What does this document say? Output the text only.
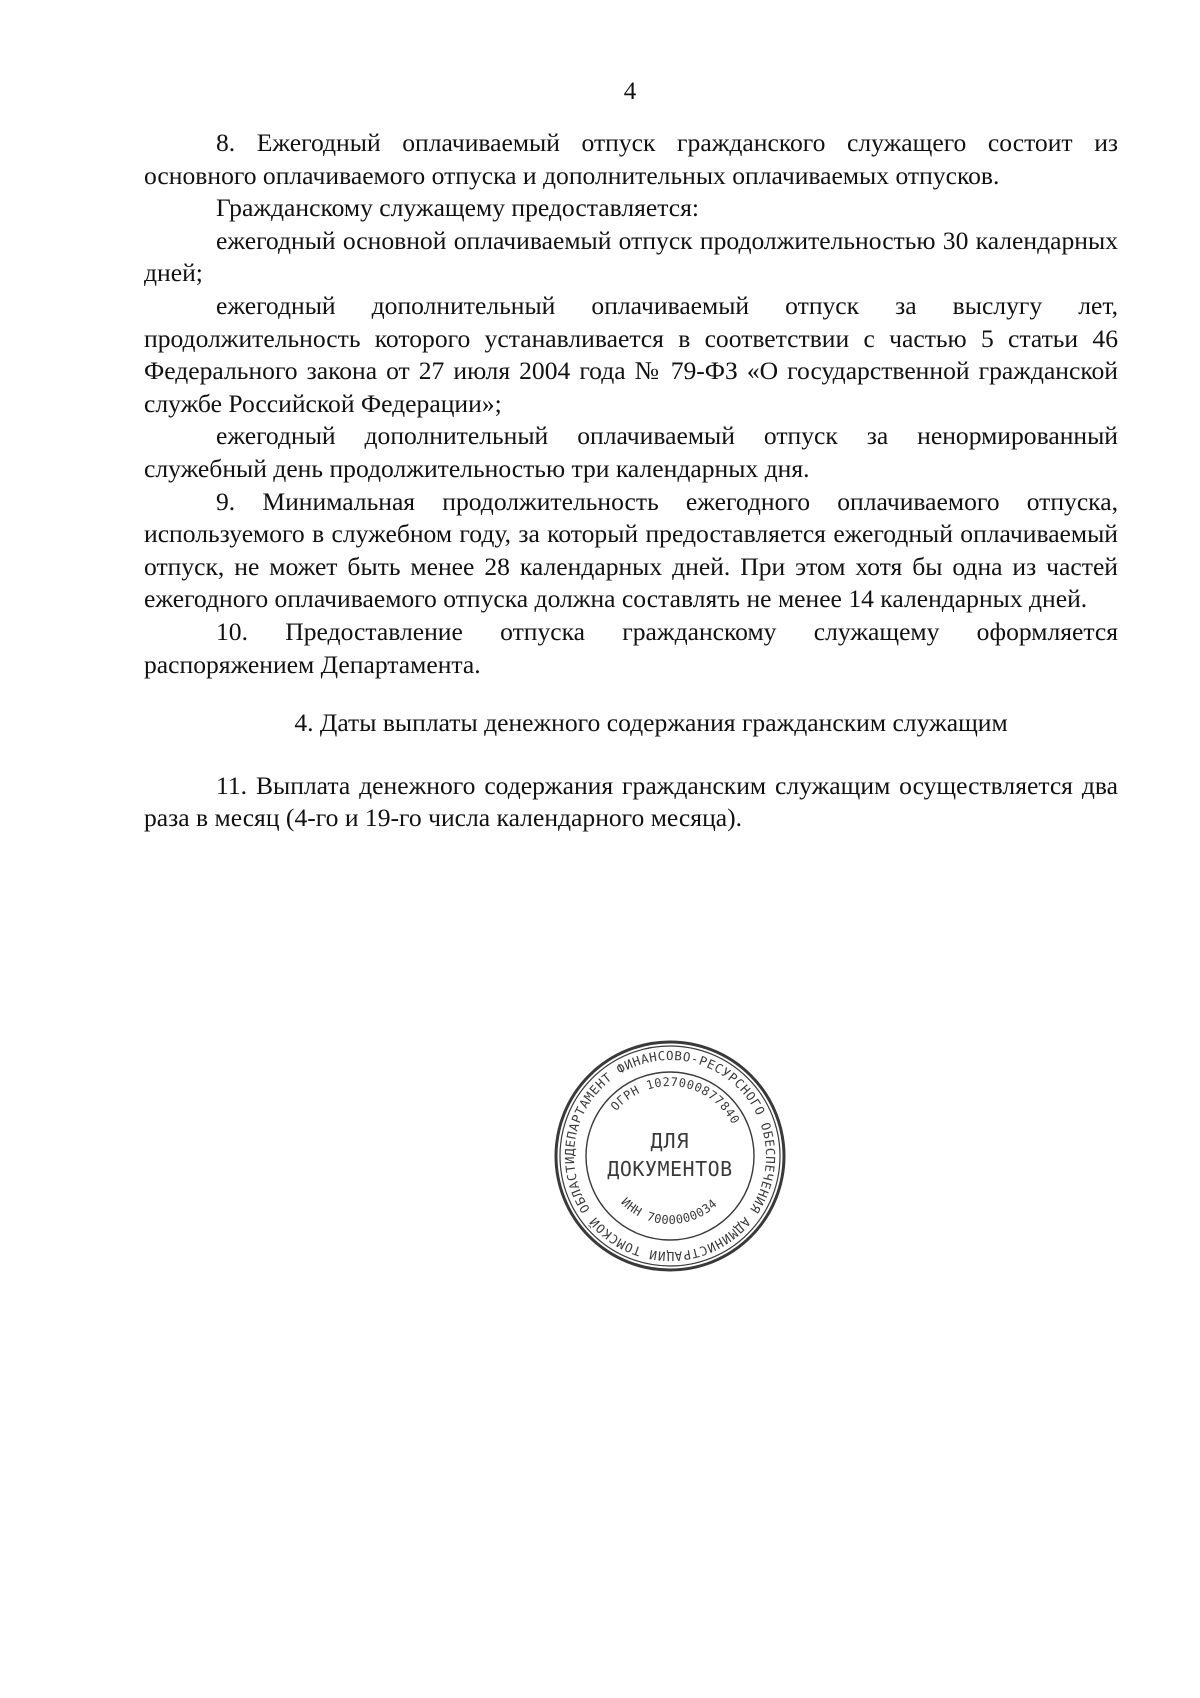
4

8. Ежегодный оплачиваемый отпуск гражданского служащего состоит из основного оплачиваемого отпуска и дополнительных оплачиваемых отпусков.

Гражданскому служащему предоставляется:

ежегодный основной оплачиваемый отпуск продолжительностью 30 календарных дней;

ежегодный дополнительный оплачиваемый отпуск за выслугу лет, продолжительность которого устанавливается в соответствии с частью 5 статьи 46 Федерального закона от 27 июля 2004 года № 79-ФЗ «О государственной гражданской службе Российской Федерации»;

ежегодный дополнительный оплачиваемый отпуск за ненормированный служебный день продолжительностью три календарных дня.

9. Минимальная продолжительность ежегодного оплачиваемого отпуска, используемого в служебном году, за который предоставляется ежегодный оплачиваемый отпуск, не может быть менее 28 календарных дней. При этом хотя бы одна из частей ежегодного оплачиваемого отпуска должна составлять не менее 14 календарных дней.

10. Предоставление отпуска гражданскому служащему оформляется распоряжением Департамента.

4. Даты выплаты денежного содержания гражданским служащим

11. Выплата денежного содержания гражданским служащим осуществляется два раза в месяц (4-го и 19-го числа календарного месяца).

ДЕПАРТАМЕНТ ФИНАНСОВО-РЕСУРСНОГО ОБЕСПЕЧЕНИЯ АДМИНИСТРАЦИИ ТОМСКОЙ ОБЛАСТИ
ОГРН 1027000877840
ИНН 7000000034
ДЛЯ
ДОКУМЕНТОВ
